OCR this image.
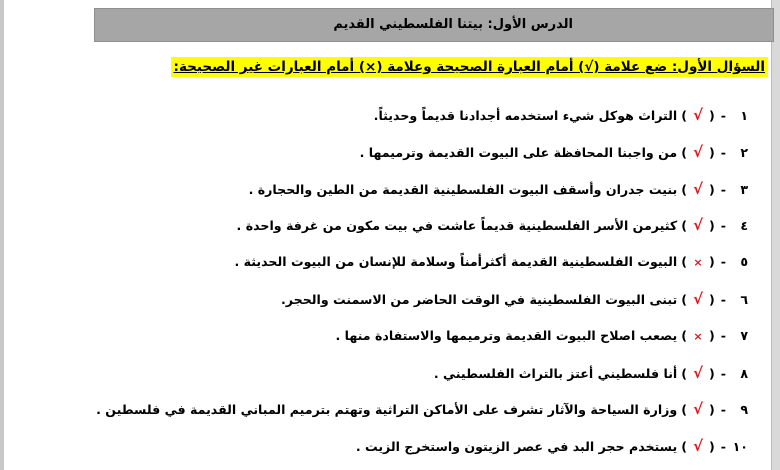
الدرس الأول: بيتنا الفلسطيني القديم
السؤال الأول: ضع علامة (√) أمام العبارة الصحيحة وعلامة (×) أمام العبارات غير الصحيحة:
١-(√)التراث هوكل شيء استخدمه أجدادنا قديماً وحديثاً.
٢-(√)من واجبنا المحافظة على البيوت القديمة وترميمها .
٣-(√)بنيت جدران وأسقف البيوت الفلسطينية القديمة من الطين والحجارة .
٤-(√)كثيرمن الأسر الفلسطينية قديماً عاشت في بيت مكون من غرفة واحدة .
٥-(×)البيوت الفلسطينية القديمة أكثرأمناً وسلامة للإنسان من البيوت الحديثة .
٦-(√)تبنى البيوت الفلسطينية في الوقت الحاضر من الاسمنت والحجر.
٧-(×)يصعب اصلاح البيوت القديمة وترميمها والاستفادة منها .
٨-(√)أنا فلسطيني أعتز بالتراث الفلسطيني .
٩-(√)وزارة السياحة والآثار تشرف على الأماكن التراثية وتهتم بترميم المباني القديمة في فلسطين .
١٠-(√)يستخدم حجر البد في عصر الزيتون واستخرج الزيت .
